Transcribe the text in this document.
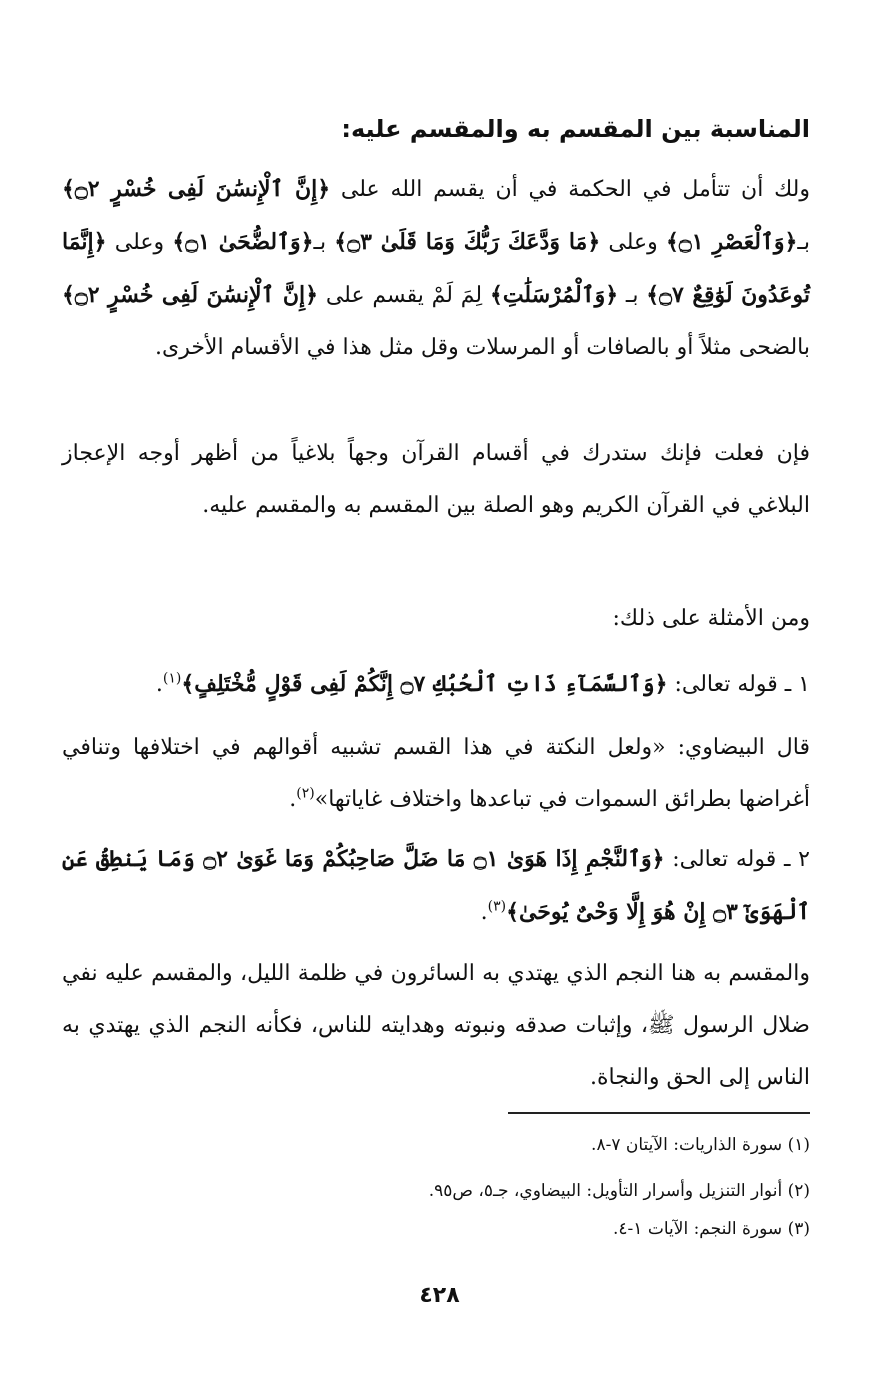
المناسبة بين المقسم به والمقسم عليه:

ولك أن تتأمل في الحكمة في أن يقسم الله على ﴿إِنَّ ٱلْإِنسَٰنَ لَفِى خُسْرٍ ۝٢﴾ بـ﴿وَٱلْعَصْرِ ۝١﴾ وعلى ﴿مَا وَدَّعَكَ رَبُّكَ وَمَا قَلَىٰ ۝٣﴾ بـ﴿وَٱلضُّحَىٰ ۝١﴾ وعلى ﴿إِنَّمَا تُوعَدُونَ لَوَٰقِعٌ ۝٧﴾ بـ ﴿وَٱلْمُرْسَلَٰتِ﴾ لِمَ لَمْ يقسم على ﴿إِنَّ ٱلْإِنسَٰنَ لَفِى خُسْرٍ ۝٢﴾ بالضحى مثلاً أو بالصافات أو المرسلات وقل مثل هذا في الأقسام الأخرى.

فإن فعلت فإنك ستدرك في أقسام القرآن وجهاً بلاغياً من أظهر أوجه الإعجاز البلاغي في القرآن الكريم وهو الصلة بين المقسم به والمقسم عليه.

ومن الأمثلة على ذلك:

١ ـ قوله تعالى: ﴿وَٱلسَّمَآءِ ذَاتِ ٱلْحُبُكِ ۝٧ إِنَّكُمْ لَفِى قَوْلٍ مُّخْتَلِفٍ﴾$^{(١)}$.

قال البيضاوي: «ولعل النكتة في هذا القسم تشبيه أقوالهم في اختلافها وتنافي أغراضها بطرائق السموات في تباعدها واختلاف غاياتها»$^{(٢)}$.

٢ ـ قوله تعالى: ﴿وَٱلنَّجْمِ إِذَا هَوَىٰ ۝١ مَا ضَلَّ صَاحِبُكُمْ وَمَا غَوَىٰ ۝٢ وَمَا يَنطِقُ عَنِ ٱلْهَوَىٰٓ ۝٣ إِنْ هُوَ إِلَّا وَحْىٌ يُوحَىٰ﴾$^{(٣)}$.

والمقسم به هنا النجم الذي يهتدي به السائرون في ظلمة الليل، والمقسم عليه نفي ضلال الرسول ﷺ، وإثبات صدقه ونبوته وهدايته للناس، فكأنه النجم الذي يهتدي به الناس إلى الحق والنجاة.

(١) سورة الذاريات: الآيتان ٧-٨.

(٢) أنوار التنزيل وأسرار التأويل: البيضاوي، جـ٥، ص٩٥.

(٣) سورة النجم: الآيات ١-٤.

٤٢٨
